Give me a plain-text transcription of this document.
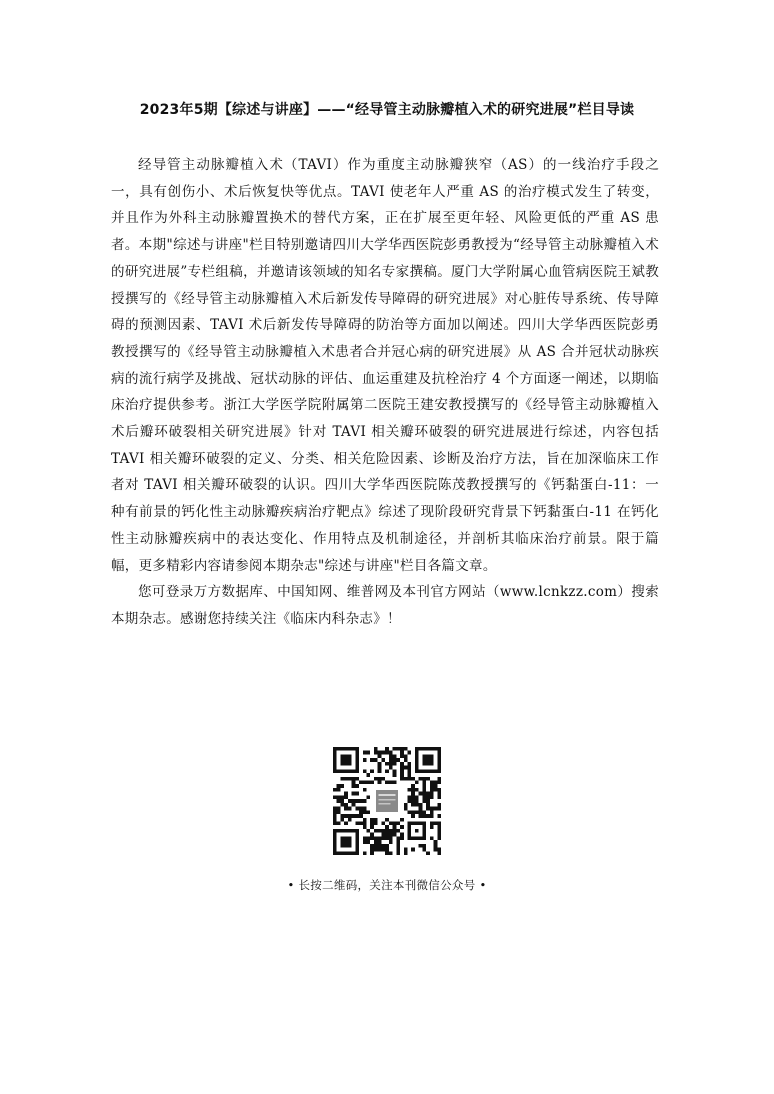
2023年5期【综述与讲座】——“经导管主动脉瓣植入术的研究进展”栏目导读

经导管主动脉瓣植入术（TAVI）作为重度主动脉瓣狭窄（AS）的一线治疗手段之一，具有创伤小、术后恢复快等优点。TAVI 使老年人严重 AS 的治疗模式发生了转变，并且作为外科主动脉瓣置换术的替代方案，正在扩展至更年轻、风险更低的严重 AS 患者。本期"综述与讲座"栏目特别邀请四川大学华西医院彭勇教授为“经导管主动脉瓣植入术的研究进展”专栏组稿，并邀请该领域的知名专家撰稿。厦门大学附属心血管病医院王斌教授撰写的《经导管主动脉瓣植入术后新发传导障碍的研究进展》对心脏传导系统、传导障碍的预测因素、TAVI 术后新发传导障碍的防治等方面加以阐述。四川大学华西医院彭勇教授撰写的《经导管主动脉瓣植入术患者合并冠心病的研究进展》从 AS 合并冠状动脉疾病的流行病学及挑战、冠状动脉的评估、血运重建及抗栓治疗 4 个方面逐一阐述，以期临床治疗提供参考。浙江大学医学院附属第二医院王建安教授撰写的《经导管主动脉瓣植入术后瓣环破裂相关研究进展》针对 TAVI 相关瓣环破裂的研究进展进行综述，内容包括 TAVI 相关瓣环破裂的定义、分类、相关危险因素、诊断及治疗方法，旨在加深临床工作者对 TAVI 相关瓣环破裂的认识。四川大学华西医院陈茂教授撰写的《钙黏蛋白-11：一种有前景的钙化性主动脉瓣疾病治疗靶点》综述了现阶段研究背景下钙黏蛋白-11 在钙化性主动脉瓣疾病中的表达变化、作用特点及机制途径，并剖析其临床治疗前景。限于篇幅，更多精彩内容请参阅本期杂志"综述与讲座"栏目各篇文章。

您可登录万方数据库、中国知网、维普网及本刊官方网站（www.lcnkzz.com）搜索本期杂志。感谢您持续关注《临床内科杂志》！

• 长按二维码，关注本刊微信公众号 •
